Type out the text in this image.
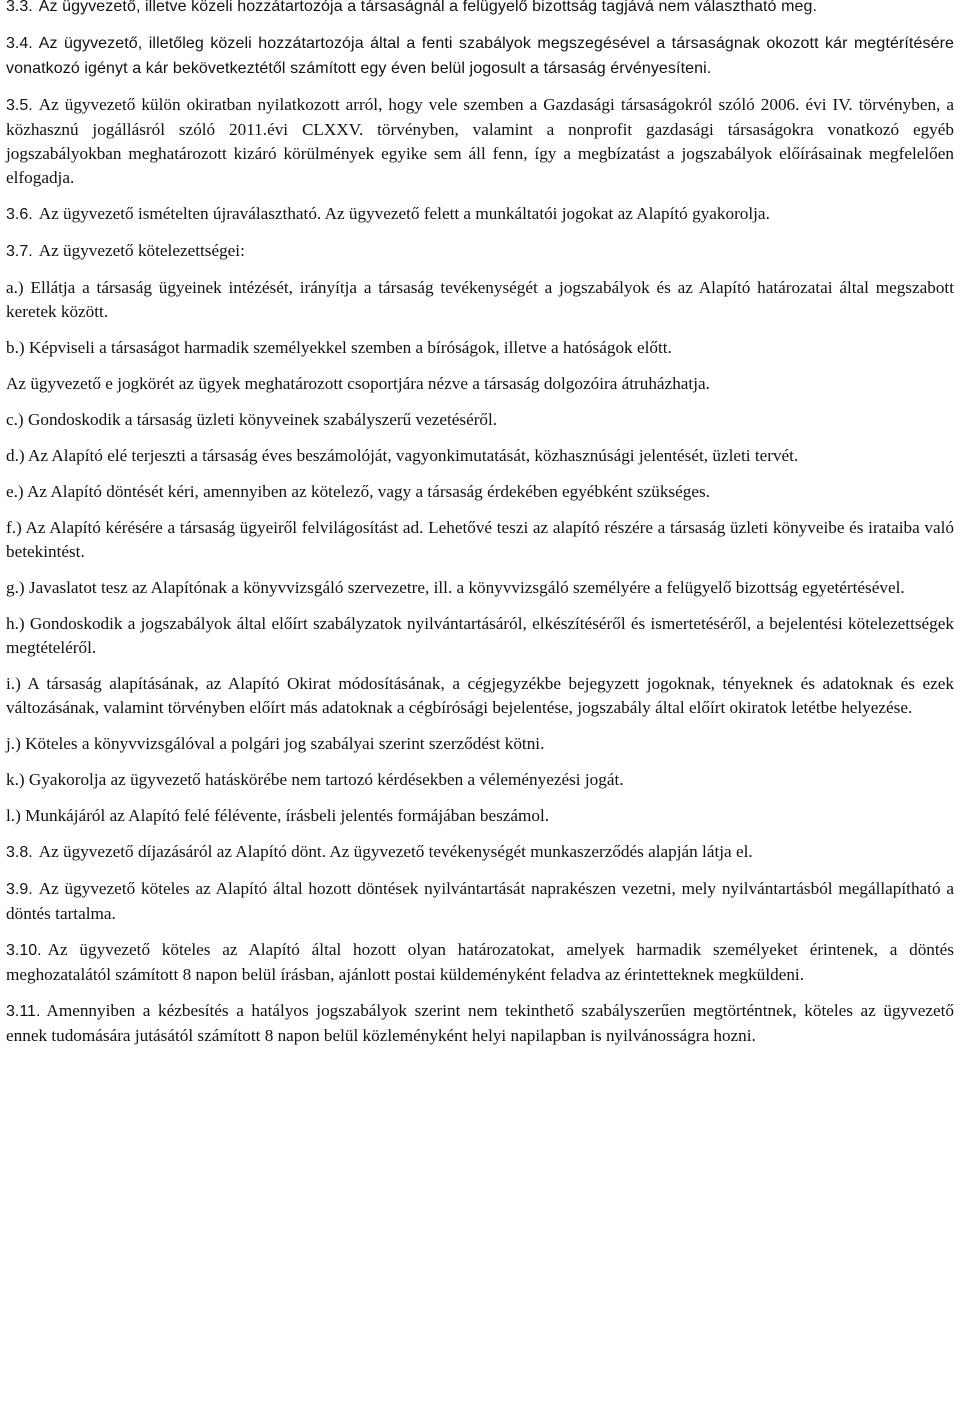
3.3. Az ügyvezető, illetve közeli hozzátartozója a társaságnál a felügyelő bizottság tagjává nem választható meg.

3.4. Az ügyvezető, illetőleg közeli hozzátartozója által a fenti szabályok megszegésével a társaságnak okozott kár megtérítésére vonatkozó igényt a kár bekövetkeztétől számított egy éven belül jogosult a társaság érvényesíteni.

3.5. Az ügyvezető külön okiratban nyilatkozott arról, hogy vele szemben a Gazdasági társaságokról szóló 2006. évi IV. törvényben, a közhasznú jogállásról szóló 2011.évi CLXXV. törvényben, valamint a nonprofit gazdasági társaságokra vonatkozó egyéb jogszabályokban meghatározott kizáró körülmények egyike sem áll fenn, így a megbízatást a jogszabályok előírásainak megfelelően elfogadja.

3.6. Az ügyvezető ismételten újraválasztható. Az ügyvezető felett a munkáltatói jogokat az Alapító gyakorolja.

3.7. Az ügyvezető kötelezettségei:

a.) Ellátja a társaság ügyeinek intézését, irányítja a társaság tevékenységét a jogszabályok és az Alapító határozatai által megszabott keretek között.

b.) Képviseli a társaságot harmadik személyekkel szemben a bíróságok, illetve a hatóságok előtt.

Az ügyvezető e jogkörét az ügyek meghatározott csoportjára nézve a társaság dolgozóira átruházhatja.

c.) Gondoskodik a társaság üzleti könyveinek szabályszerű vezetéséről.

d.) Az Alapító elé terjeszti a társaság éves beszámolóját, vagyonkimutatását, közhasznúsági jelentését, üzleti tervét.

e.) Az Alapító döntését kéri, amennyiben az kötelező, vagy a társaság érdekében egyébként szükséges.

f.) Az Alapító kérésére a társaság ügyeiről felvilágosítást ad. Lehetővé teszi az alapító részére a társaság üzleti könyveibe és irataiba való betekintést.

g.) Javaslatot tesz az Alapítónak a könyvvizsgáló szervezetre, ill. a könyvvizsgáló személyére a felügyelő bizottság egyetértésével.

h.) Gondoskodik a jogszabályok által előírt szabályzatok nyilvántartásáról, elkészítéséről és ismertetéséről, a bejelentési kötelezettségek megtételéről.

i.) A társaság alapításának, az Alapító Okirat módosításának, a cégjegyzékbe bejegyzett jogoknak, tényeknek és adatoknak és ezek változásának, valamint törvényben előírt más adatoknak a cégbírósági bejelentése, jogszabály által előírt okiratok letétbe helyezése.

j.) Köteles a könyvvizsgálóval a polgári jog szabályai szerint szerződést kötni.

k.) Gyakorolja az ügyvezető hatáskörébe nem tartozó kérdésekben a véleményezési jogát.

l.) Munkájáról az Alapító felé félévente, írásbeli jelentés formájában beszámol.

3.8. Az ügyvezető díjazásáról az Alapító dönt. Az ügyvezető tevékenységét munkaszerződés alapján látja el.

3.9. Az ügyvezető köteles az Alapító által hozott döntések nyilvántartását naprakészen vezetni, mely nyilvántartásból megállapítható a döntés tartalma.

3.10. Az ügyvezető köteles az Alapító által hozott olyan határozatokat, amelyek harmadik személyeket érintenek, a döntés meghozatalától számított 8 napon belül írásban, ajánlott postai küldeményként feladva az érintetteknek megküldeni.

3.11. Amennyiben a kézbesítés a hatályos jogszabályok szerint nem tekinthető szabályszerűen megtörténtnek, köteles az ügyvezető ennek tudomására jutásától számított 8 napon belül közleményként helyi napilapban is nyilvánosságra hozni.
